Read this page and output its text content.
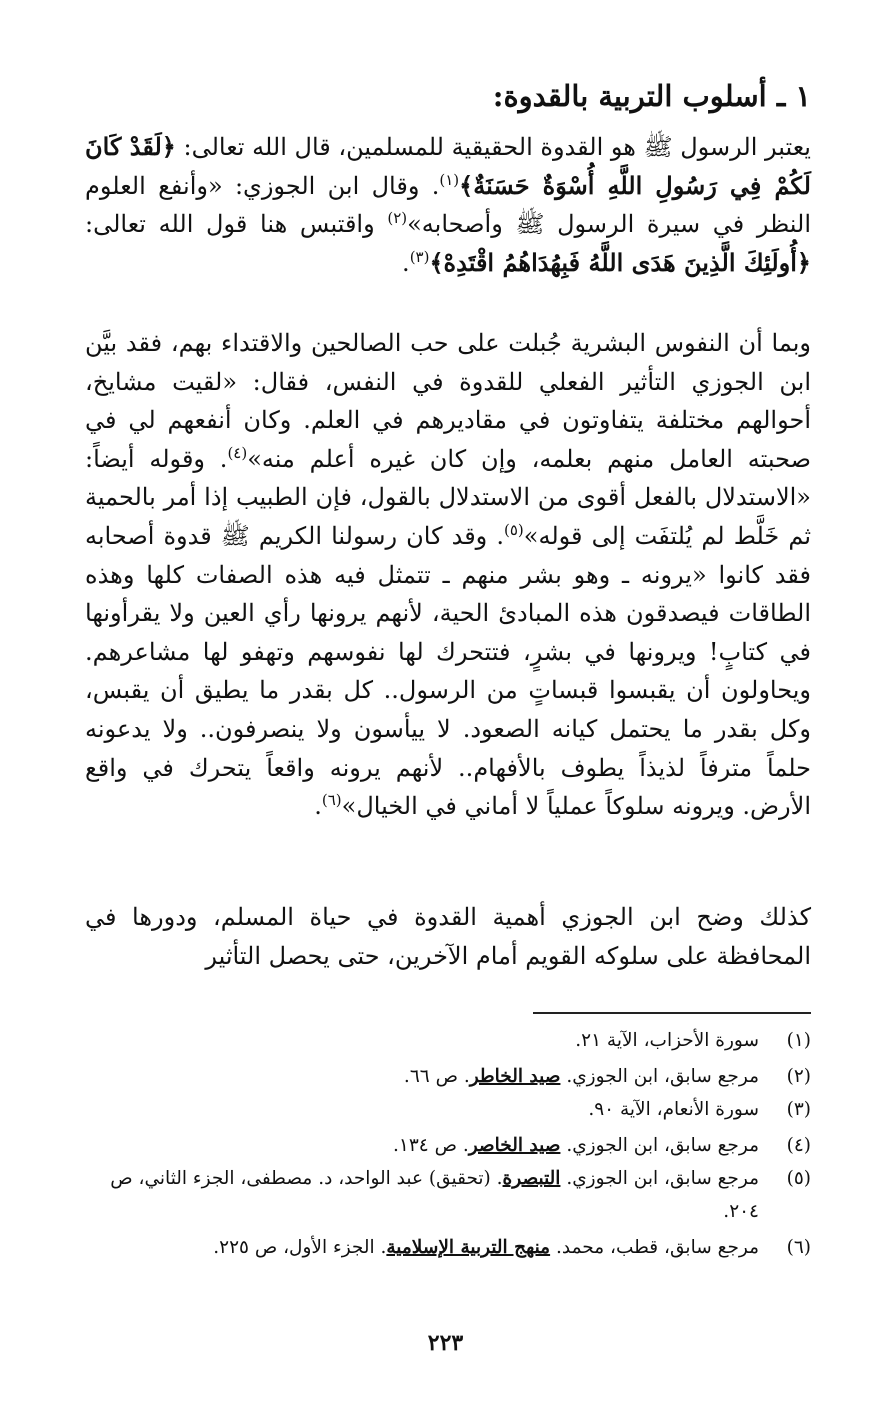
١ ـ أسلوب التربية بالقدوة:
يعتبر الرسول ﷺ هو القدوة الحقيقية للمسلمين، قال الله تعالى: ﴿لَقَدْ كَانَ لَكُمْ فِي رَسُولِ اللَّهِ أُسْوَةٌ حَسَنَةٌ﴾$^{(١)}$. وقال ابن الجوزي: «وأنفع العلوم النظر في سيرة الرسول ﷺ وأصحابه»$^{(٢)}$ واقتبس هنا قول الله تعالى: ﴿أُولَئِكَ الَّذِينَ هَدَى اللَّهُ فَبِهُدَاهُمُ اقْتَدِهْ﴾$^{(٣)}$.
وبما أن النفوس البشرية جُبلت على حب الصالحين والاقتداء بهم، فقد بيَّن ابن الجوزي التأثير الفعلي للقدوة في النفس، فقال: «لقيت مشايخ، أحوالهم مختلفة يتفاوتون في مقاديرهم في العلم. وكان أنفعهم لي في صحبته العامل منهم بعلمه، وإن كان غيره أعلم منه»$^{(٤)}$. وقوله أيضاً: «الاستدلال بالفعل أقوى من الاستدلال بالقول، فإن الطبيب إذا أمر بالحمية ثم خَلَّط لم يُلتفَت إلى قوله»$^{(٥)}$. وقد كان رسولنا الكريم ﷺ قدوة أصحابه فقد كانوا «يرونه ـ وهو بشر منهم ـ تتمثل فيه هذه الصفات كلها وهذه الطاقات فيصدقون هذه المبادئ الحية، لأنهم يرونها رأي العين ولا يقرأونها في كتابٍ! ويرونها في بشرٍ، فتتحرك لها نفوسهم وتهفو لها مشاعرهم. ويحاولون أن يقبسوا قبساتٍ من الرسول.. كل بقدر ما يطيق أن يقبس، وكل بقدر ما يحتمل كيانه الصعود. لا ييأسون ولا ينصرفون.. ولا يدعونه حلماً مترفاً لذيذاً يطوف بالأفهام.. لأنهم يرونه واقعاً يتحرك في واقع الأرض. ويرونه سلوكاً عملياً لا أماني في الخيال»$^{(٦)}$.
كذلك وضح ابن الجوزي أهمية القدوة في حياة المسلم، ودورها في المحافظة على سلوكه القويم أمام الآخرين، حتى يحصل التأثير
(١)
سورة الأحزاب، الآية ٢١.
(٢)
مرجع سابق، ابن الجوزي. صيد الخاطر. ص ٦٦.
(٣)
سورة الأنعام، الآية ٩٠.
(٤)
مرجع سابق، ابن الجوزي. صيد الخاصر. ص ١٣٤.
(٥)
مرجع سابق، ابن الجوزي. التبصرة. (تحقيق) عبد الواحد، د. مصطفى، الجزء الثاني، ص ٢٠٤.
(٦)
مرجع سابق، قطب، محمد. منهج التربية الإسلامية. الجزء الأول، ص ٢٢٥.
٢٢٣
